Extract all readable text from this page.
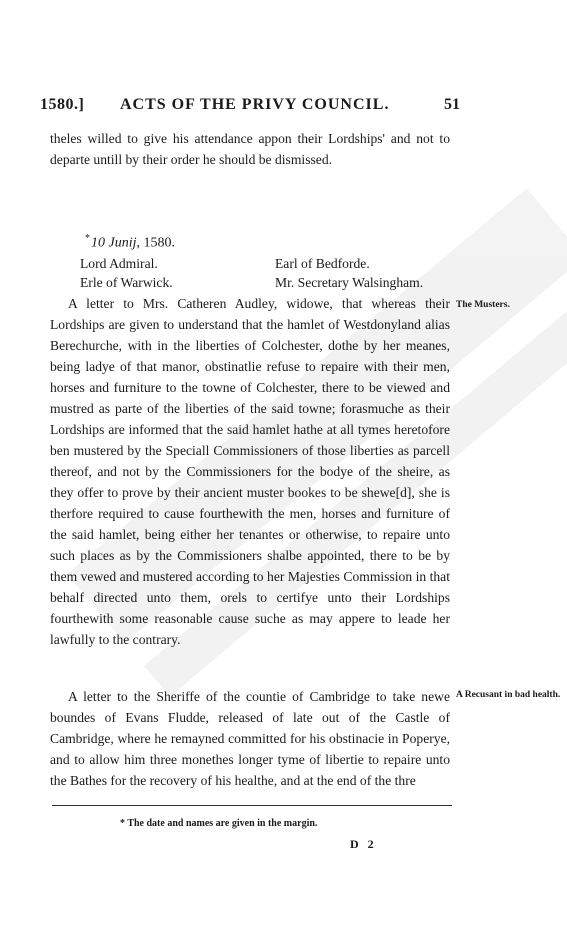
1580.] ACTS OF THE PRIVY COUNCIL.	51
theles willed to give his attendance appon their Lordships' and not to departe untill by their order he should be dismissed.
*10 Junij, 1580.
Lord Admiral.	Earl of Bedforde.
Erle of Warwick.	Mr. Secretary Walsingham.
A letter to Mrs. Catheren Audley, widowe, that whereas their Lordships are given to understand that the hamlet of Westdonyland alias Berechurche, with in the liberties of Colchester, dothe by her meanes, being ladye of that manor, obstinatlie refuse to repaire with their men, horses and furniture to the towne of Colchester, there to be viewed and mustred as parte of the liberties of the said towne; forasmuche as their Lordships are informed that the said hamlet hathe at all tymes heretofore ben mustered by the Speciall Commissioners of those liberties as parcell thereof, and not by the Commissioners for the bodye of the sheire, as they offer to prove by their ancient muster bookes to be shewe[d], she is therfore required to cause fourthewith the men, horses and furniture of the said hamlet, being either her tenantes or otherwise, to repaire unto such places as by the Commissioners shalbe appointed, there to be by them vewed and mustered according to her Majesties Commission in that behalf directed unto them, orels to certifye unto their Lordships fourthewith some reasonable cause suche as may appere to leade her lawfully to the contrary.
The Musters.
A letter to the Sheriffe of the countie of Cambridge to take newe boundes of Evans Fludde, released of late out of the Castle of Cambridge, where he remayned committed for his obstinacie in Poperye, and to allow him three monethes longer tyme of libertie to repaire unto the Bathes for the recovery of his healthe, and at the end of the thre
A Recusant in bad health.
* The date and names are given in the margin.
D 2
